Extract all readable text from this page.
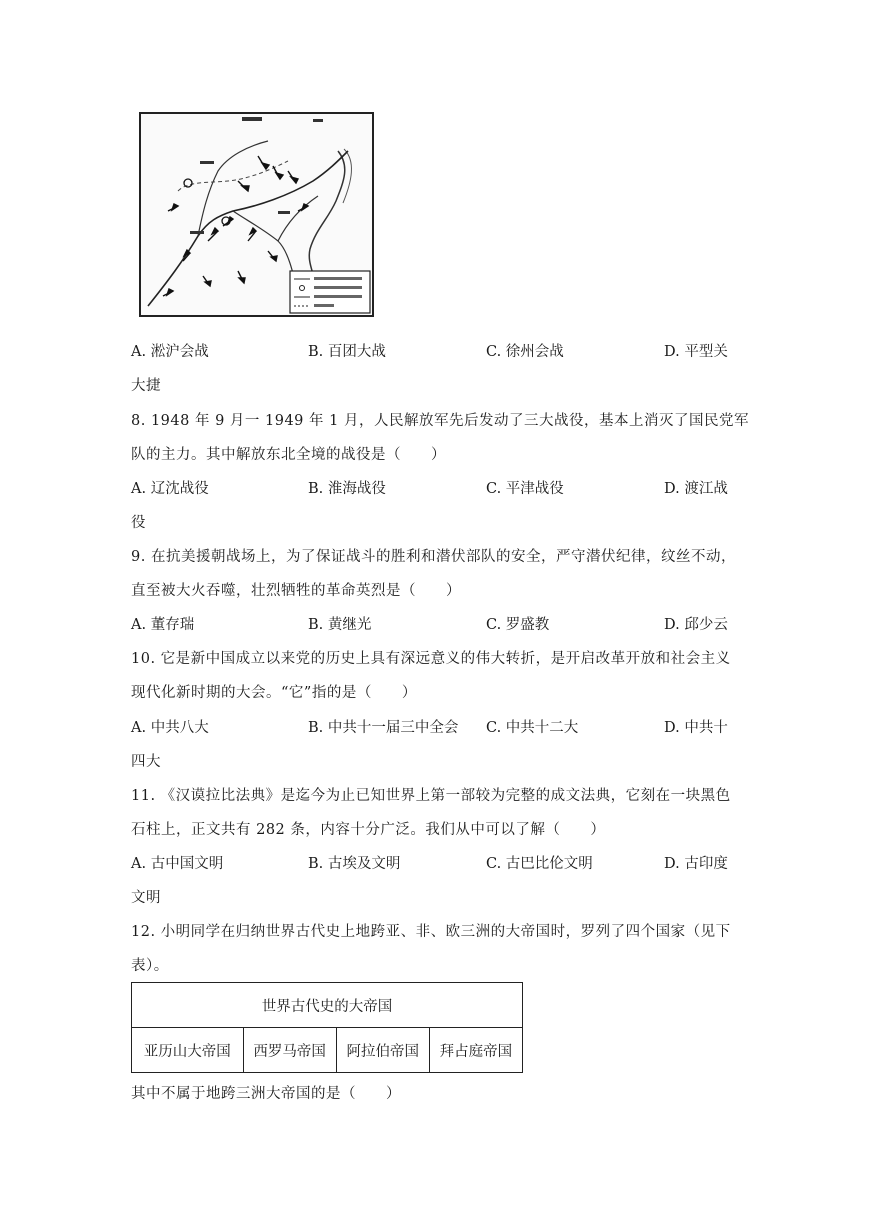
A. 淞沪会战	B. 百团大战	C. 徐州会战	D. 平型关
大捷
8. 1948 年 9 月一 1949 年 1 月，人民解放军先后发动了三大战役，基本上消灭了国民党军
队的主力。其中解放东北全境的战役是（　　）
A. 辽沈战役	B. 淮海战役	C. 平津战役	D. 渡江战
役
9. 在抗美援朝战场上，为了保证战斗的胜利和潜伏部队的安全，严守潜伏纪律，纹丝不动，
直至被大火吞噬，壮烈牺牲的革命英烈是（　　）
A. 董存瑞	B. 黄继光	C. 罗盛教	D. 邱少云
10. 它是新中国成立以来党的历史上具有深远意义的伟大转折，是开启改革开放和社会主义
现代化新时期的大会。“它”指的是（　　）
A. 中共八大	B. 中共十一届三中全会 C. 中共十二大	D. 中共十
四大
11. 《汉谟拉比法典》是迄今为止已知世界上第一部较为完整的成文法典，它刻在一块黑色
石柱上，正文共有 282 条，内容十分广泛。我们从中可以了解（　　）
A. 古中国文明	B. 古埃及文明	C. 古巴比伦文明	D. 古印度
文明
12. 小明同学在归纳世界古代史上地跨亚、非、欧三洲的大帝国时，罗列了四个国家（见下
表）。
世界古代史的大帝国
亚历山大帝国	西罗马帝国	阿拉伯帝国	拜占庭帝国
其中不属于地跨三洲大帝国的是（　　）
